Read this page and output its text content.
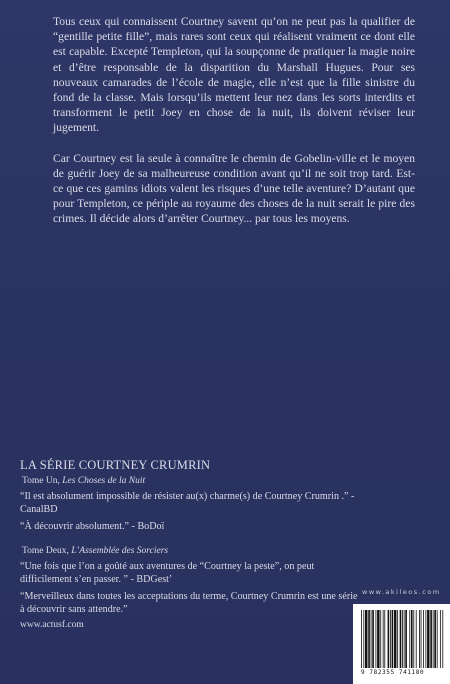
Tous ceux qui connaissent Courtney savent qu’on ne peut pas la qualifier de “gentille petite fille”, mais rares sont ceux qui réalisent vraiment ce dont elle est capable. Excepté Templeton, qui la soupçonne de pratiquer la magie noire et d’être responsable de la disparition du Marshall Hugues. Pour ses nouveaux camarades de l’école de magie, elle n’est que la fille sinistre du fond de la classe. Mais lorsqu’ils mettent leur nez dans les sorts interdits et transforment le petit Joey en chose de la nuit, ils doivent réviser leur jugement.

Car Courtney est la seule à connaître le chemin de Gobelin-ville et le moyen de guérir Joey de sa malheureuse condition avant qu’il ne soit trop tard. Est-ce que ces gamins idiots valent les risques d’une telle aventure? D’autant que pour Templeton, ce périple au royaume des choses de la nuit serait le pire des crimes. Il décide alors d’arrêter Courtney... par tous les moyens.

LA SÉRIE COURTNEY CRUMRIN
Tome Un, Les Choses de la Nuit
“Il est absolument impossible de résister au(x) charme(s) de Courtney Crumrin .” - CanalBD
“À découvrir absolument.” - BoDoï
Tome Deux, L’Assemblée des Sorciers
“Une fois que l’on a goûté aux aventures de “Courtney la peste”, on peut difficilement s’en passer. ” - BDGest’
“Merveilleux dans toutes les acceptations du terme, Courtney Crumrin est une série à découvrir sans attendre.”
www.actusf.com
www.akileos.com
9 782355 741180
